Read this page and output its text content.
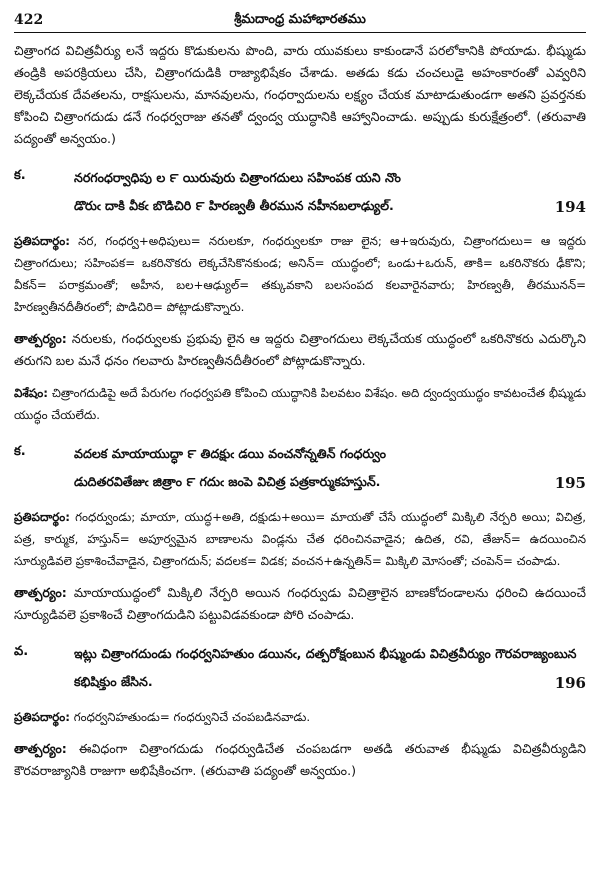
422	శ్రీమదాంధ్ర మహాభారతము

చిత్రాంగద విచిత్రవీర్యు లనే ఇద్దరు కొడుకులను పొంది, వారు యువకులు కాకుండానే పరలోకానికి పోయాడు. భీష్ముడు తండ్రికి అపరక్రియలు చేసి, చిత్రాంగదుడికి రాజ్యాభిషేకం చేశాడు. అతడు కడు చంచలుడై అహంకారంతో ఎవ్వరిని లెక్కచేయక దేవతలను, రాక్షసులను, మానవులను, గంధర్వాదులను లక్ష్యం చేయక మాటాడుతుండగా అతని ప్రవర్తనకు కోపించి చిత్రాంగదుడు డనే గంధర్వరాజు తనతో ద్వంద్వ యుద్ధానికి ఆహ్వానించాడు. అప్పుడు కురుక్షేత్రంలో. (తరువాతి పద్యంతో అన్వయం.)

క.	నరగంధర్వాధిపు ల ౯ యిరువురు చిత్రాంగదులు సహింపక యని నొం
డొరుఁ దాకి వీకఁ బొడిచిరి ౯ హిరణ్వతీ తీరమున నహీనబలాఢ్యుల్.	194

ప్రతిపదార్థం: నర, గంధర్వ+అధిపులు= నరులకూ, గంధర్వులకూ రాజు లైన; ఆ+ఇరువురు, చిత్రాంగదులు= ఆ ఇద్దరు చిత్రాంగదులు; సహింపక= ఒకరినొకరు లెక్కచేసికొనకుండ; అనిన్= యుద్ధంలో; ఒండు+ఒరున్, తాకి= ఒకరినొకరు ఢీకొని; వీకన్= పరాక్రమంతో; అహీన, బల+ఆఢ్యుల్= తక్కువకాని బలసంపద కలవారైనవారు; హిరణ్వతీ, తీరమునన్= హిరణ్వతీనదీతీరంలో; పొడిచిరి= పోట్లాడుకొన్నారు.

తాత్పర్యం: నరులకు, గంధర్వులకు ప్రభువు లైన ఆ ఇద్దరు చిత్రాంగదులు లెక్కచేయక యుద్ధంలో ఒకరినొకరు ఎదుర్కొని తరుగని బల మనే ధనం గలవారు హిరణ్వతీనదీతీరంలో పోట్లాడుకొన్నారు.

విశేషం: చిత్రాంగదుడిపై అదే పేరుగల గంధర్వపతి కోపించి యుద్ధానికి పిలవటం విశేషం. అది ద్వంద్వయుద్ధం కావటంచేత భీష్ముడు యుద్ధం చేయలేదు.

క.	వదలక మాయాయుద్ధా ౯ తిదక్షుఁ డయి వంచనోన్నతిన్ గంధర్వుం
డుదితరవితేజుఁ జిత్రాం ౯ గదుఁ జంపె విచిత్ర పత్రకార్ముకహస్తున్.	195

ప్రతిపదార్థం: గంధర్వుండు; మాయా, యుద్ధ+అతి, దక్షుడు+అయి= మాయతో చేసే యుద్ధంలో మిక్కిలి నేర్పరి అయి; విచిత్ర, పత్ర, కార్ముక, హస్తున్= అపూర్వమైన బాణాలను విండ్లను చేత ధరించినవాడైన; ఉదిత, రవి, తేజున్= ఉదయించిన సూర్యుడివలె ప్రకాశించేవాడైన, చిత్రాంగదున్; వదలక= విడక; వంచన+ఉన్నతిన్= మిక్కిలి మోసంతో; చంపెన్= చంపాడు.

తాత్పర్యం: మాయాయుద్ధంలో మిక్కిలి నేర్పరి అయిన గంధర్వుడు విచిత్రాలైన బాణకోదండాలను ధరించి ఉదయించే సూర్యుడివలె ప్రకాశించే చిత్రాంగదుడిని పట్టువిడవకుండా పోరి చంపాడు.

వ.	ఇట్లు చిత్రాంగదుండు గంధర్వనిహతుం డయినఁ, దత్పరోక్షంబున భీష్ముండు విచిత్రవీర్యుం గౌరవరాజ్యంబున
కభిషిక్తుం జేసిన.	196

ప్రతిపదార్థం: గంధర్వనిహతుండు= గంధర్వునిచే చంపబడినవాడు.

తాత్పర్యం: ఈవిధంగా చిత్రాంగదుడు గంధర్వుడిచేత చంపబడగా అతడి తరువాత భీష్ముడు విచిత్రవీర్యుడిని కౌరవరాజ్యానికి రాజుగా అభిషేకించగా. (తరువాతి పద్యంతో అన్వయం.)
